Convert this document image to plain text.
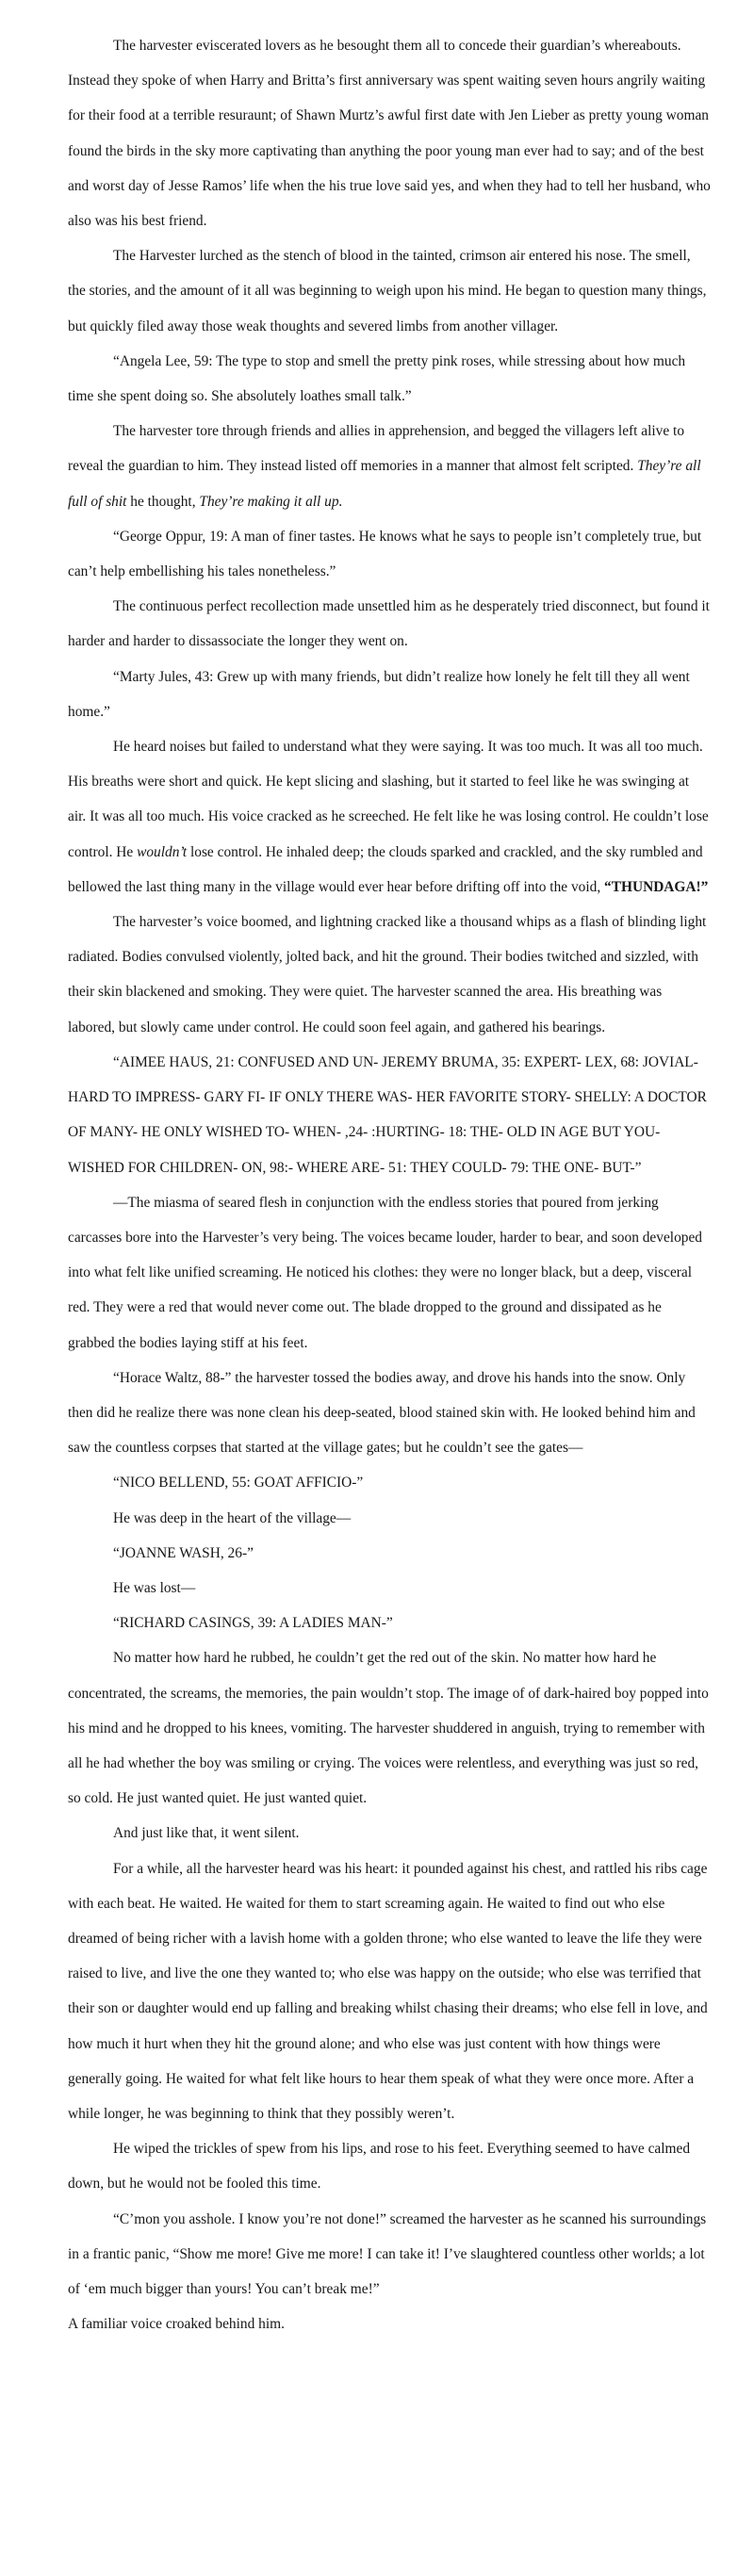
The harvester eviscerated lovers as he besought them all to concede their guardian’s whereabouts. Instead they spoke of when Harry and Britta’s first anniversary was spent waiting seven hours angrily waiting for their food at a terrible resuraunt; of Shawn Murtz’s awful first date with Jen Lieber as pretty young woman found the birds in the sky more captivating than anything the poor young man ever had to say; and of the best and worst day of Jesse Ramos’ life when the his true love said yes, and when they had to tell her husband, who also was his best friend.

The Harvester lurched as the stench of blood in the tainted, crimson air entered his nose. The smell, the stories, and the amount of it all was beginning to weigh upon his mind. He began to question many things, but quickly filed away those weak thoughts and severed limbs from another villager.

“Angela Lee, 59: The type to stop and smell the pretty pink roses, while stressing about how much time she spent doing so. She absolutely loathes small talk.”

The harvester tore through friends and allies in apprehension, and begged the villagers left alive to reveal the guardian to him. They instead listed off memories in a manner that almost felt scripted. They’re all full of shit he thought, They’re making it all up.

“George Oppur, 19: A man of finer tastes. He knows what he says to people isn’t completely true, but can’t help embellishing his tales nonetheless.”

The continuous perfect recollection made unsettled him as he desperately tried disconnect, but found it harder and harder to dissassociate the longer they went on.

“Marty Jules, 43: Grew up with many friends, but didn’t realize how lonely he felt till they all went home.”

He heard noises but failed to understand what they were saying. It was too much. It was all too much. His breaths were short and quick. He kept slicing and slashing, but it started to feel like he was swinging at air. It was all too much. His voice cracked as he screeched. He felt like he was losing control. He couldn’t lose control. He wouldn’t lose control. He inhaled deep; the clouds sparked and crackled, and the sky rumbled and bellowed the last thing many in the village would ever hear before drifting off into the void, “THUNDAGA!”

The harvester’s voice boomed, and lightning cracked like a thousand whips as a flash of blinding light radiated. Bodies convulsed violently, jolted back, and hit the ground. Their bodies twitched and sizzled, with their skin blackened and smoking. They were quiet. The harvester scanned the area. His breathing was labored, but slowly came under control. He could soon feel again, and gathered his bearings.

“AIMEE HAUS, 21: CONFUSED AND UN- JEREMY BRUMA, 35: EXPERT- LEX, 68: JOVIAL- HARD TO IMPRESS- GARY FI- IF ONLY THERE WAS- HER FAVORITE STORY- SHELLY: A DOCTOR OF MANY- HE ONLY WISHED TO- WHEN- ,24- :HURTING- 18: THE- OLD IN AGE BUT YOU- WISHED FOR CHILDREN- ON, 98:- WHERE ARE- 51: THEY COULD- 79: THE ONE- BUT-”

—The miasma of seared flesh in conjunction with the endless stories that poured from jerking carcasses bore into the Harvester’s very being. The voices became louder, harder to bear, and soon developed into what felt like unified screaming. He noticed his clothes: they were no longer black, but a deep, visceral red. They were a red that would never come out. The blade dropped to the ground and dissipated as he grabbed the bodies laying stiff at his feet.

“Horace Waltz, 88-” the harvester tossed the bodies away, and drove his hands into the snow. Only then did he realize there was none clean his deep-seated, blood stained skin with. He looked behind him and saw the countless corpses that started at the village gates; but he couldn’t see the gates—

“NICO BELLEND, 55: GOAT AFFICIO-”

He was deep in the heart of the village—

“JOANNE WASH, 26-”

He was lost—

“RICHARD CASINGS, 39: A LADIES MAN-”

No matter how hard he rubbed, he couldn’t get the red out of the skin. No matter how hard he concentrated, the screams, the memories, the pain wouldn’t stop. The image of of dark-haired boy popped into his mind and he dropped to his knees, vomiting. The harvester shuddered in anguish, trying to remember with all he had whether the boy was smiling or crying. The voices were relentless, and everything was just so red, so cold. He just wanted quiet. He just wanted quiet.

And just like that, it went silent.

For a while, all the harvester heard was his heart: it pounded against his chest, and rattled his ribs cage with each beat. He waited. He waited for them to start screaming again. He waited to find out who else dreamed of being richer with a lavish home with a golden throne; who else wanted to leave the life they were raised to live, and live the one they wanted to; who else was happy on the outside; who else was terrified that their son or daughter would end up falling and breaking whilst chasing their dreams; who else fell in love, and how much it hurt when they hit the ground alone; and who else was just content with how things were generally going. He waited for what felt like hours to hear them speak of what they were once more. After a while longer, he was beginning to think that they possibly weren’t.

He wiped the trickles of spew from his lips, and rose to his feet. Everything seemed to have calmed down, but he would not be fooled this time.

“C’mon you asshole. I know you’re not done!” screamed the harvester as he scanned his surroundings in a frantic panic, “Show me more! Give me more! I can take it! I’ve slaughtered countless other worlds; a lot of ‘em much bigger than yours! You can’t break me!”

A familiar voice croaked behind him.
